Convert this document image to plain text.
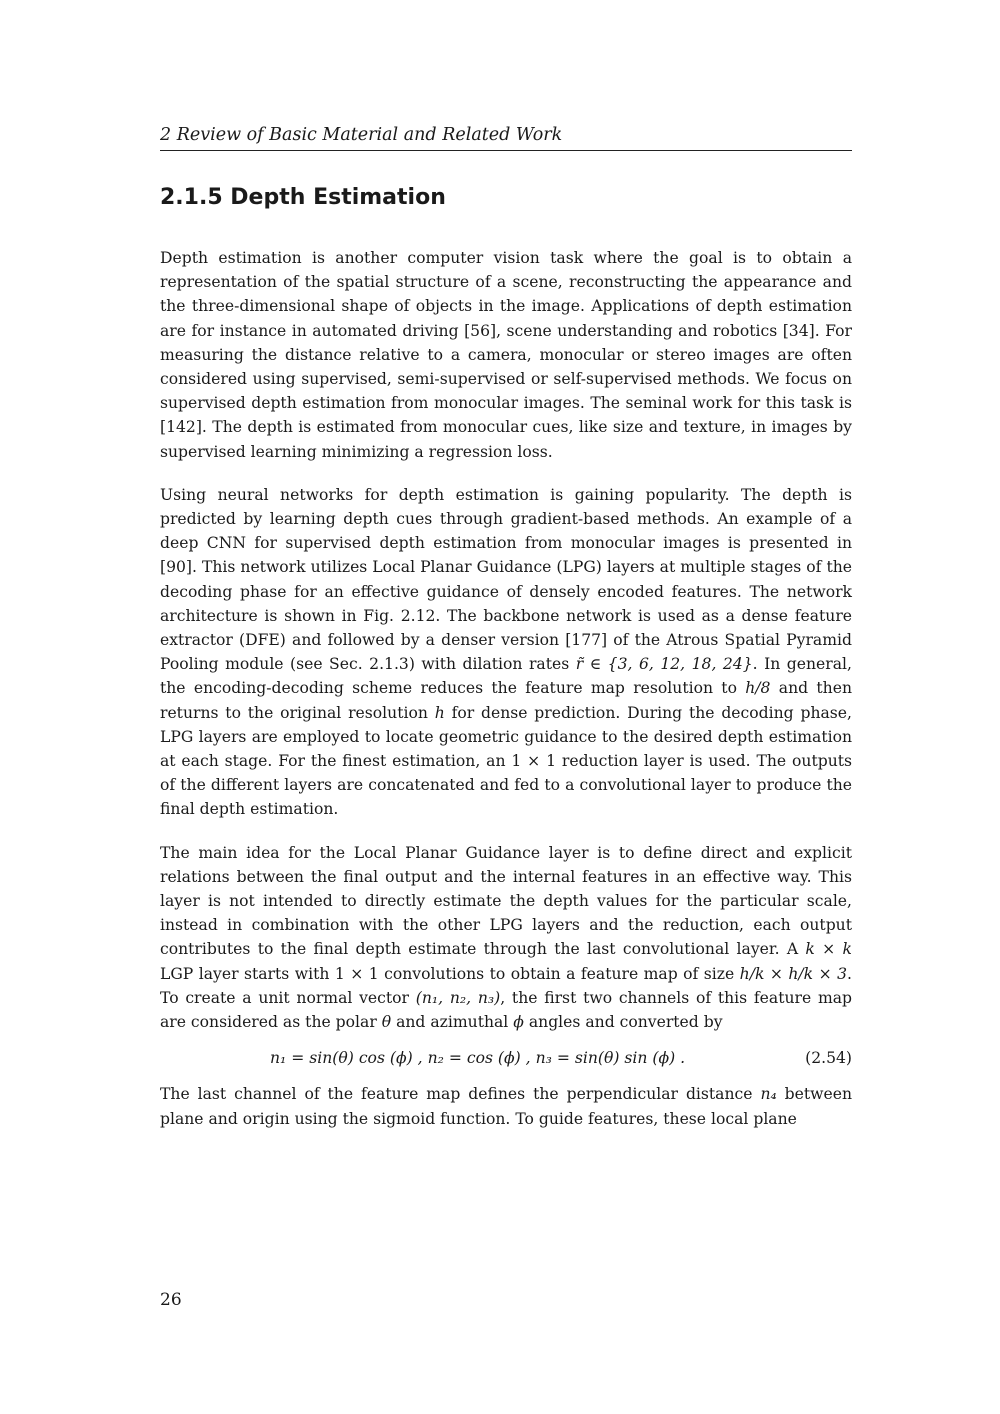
2 Review of Basic Material and Related Work
2.1.5 Depth Estimation

Depth estimation is another computer vision task where the goal is to obtain a representation of the spatial structure of a scene, reconstructing the appearance and the three-dimensional shape of objects in the image. Applications of depth estimation are for instance in automated driving [56], scene understanding and robotics [34]. For measuring the distance relative to a camera, monocular or stereo images are often considered using supervised, semi-supervised or self-supervised methods. We focus on supervised depth estimation from monocular images. The seminal work for this task is [142]. The depth is estimated from monocular cues, like size and texture, in images by supervised learning minimizing a regression loss.

Using neural networks for depth estimation is gaining popularity. The depth is predicted by learning depth cues through gradient-based methods. An example of a deep CNN for supervised depth estimation from monocular images is presented in [90]. This network utilizes Local Planar Guidance (LPG) layers at multiple stages of the decoding phase for an effective guidance of densely encoded features. The network architecture is shown in Fig. 2.12. The backbone network is used as a dense feature extractor (DFE) and followed by a denser version [177] of the Atrous Spatial Pyramid Pooling module (see Sec. 2.1.3) with dilation rates r̃ ∈ {3, 6, 12, 18, 24}. In general, the encoding-decoding scheme reduces the feature map resolution to h/8 and then returns to the original resolution h for dense prediction. During the decoding phase, LPG layers are employed to locate geometric guidance to the desired depth estimation at each stage. For the finest estimation, an 1 × 1 reduction layer is used. The outputs of the different layers are concatenated and fed to a convolutional layer to produce the final depth estimation.

The main idea for the Local Planar Guidance layer is to define direct and explicit relations between the final output and the internal features in an effective way. This layer is not intended to directly estimate the depth values for the particular scale, instead in combination with the other LPG layers and the reduction, each output contributes to the final depth estimate through the last convolutional layer. A k × k LGP layer starts with 1 × 1 convolutions to obtain a feature map of size h/k × h/k × 3. To create a unit normal vector (n₁, n₂, n₃), the first two channels of this feature map are considered as the polar θ and azimuthal ϕ angles and converted by

n₁ = sin(θ) cos (ϕ) , n₂ = cos (ϕ) , n₃ = sin(θ) sin (ϕ) .	(2.54)

The last channel of the feature map defines the perpendicular distance n₄ between plane and origin using the sigmoid function. To guide features, these local plane

26
